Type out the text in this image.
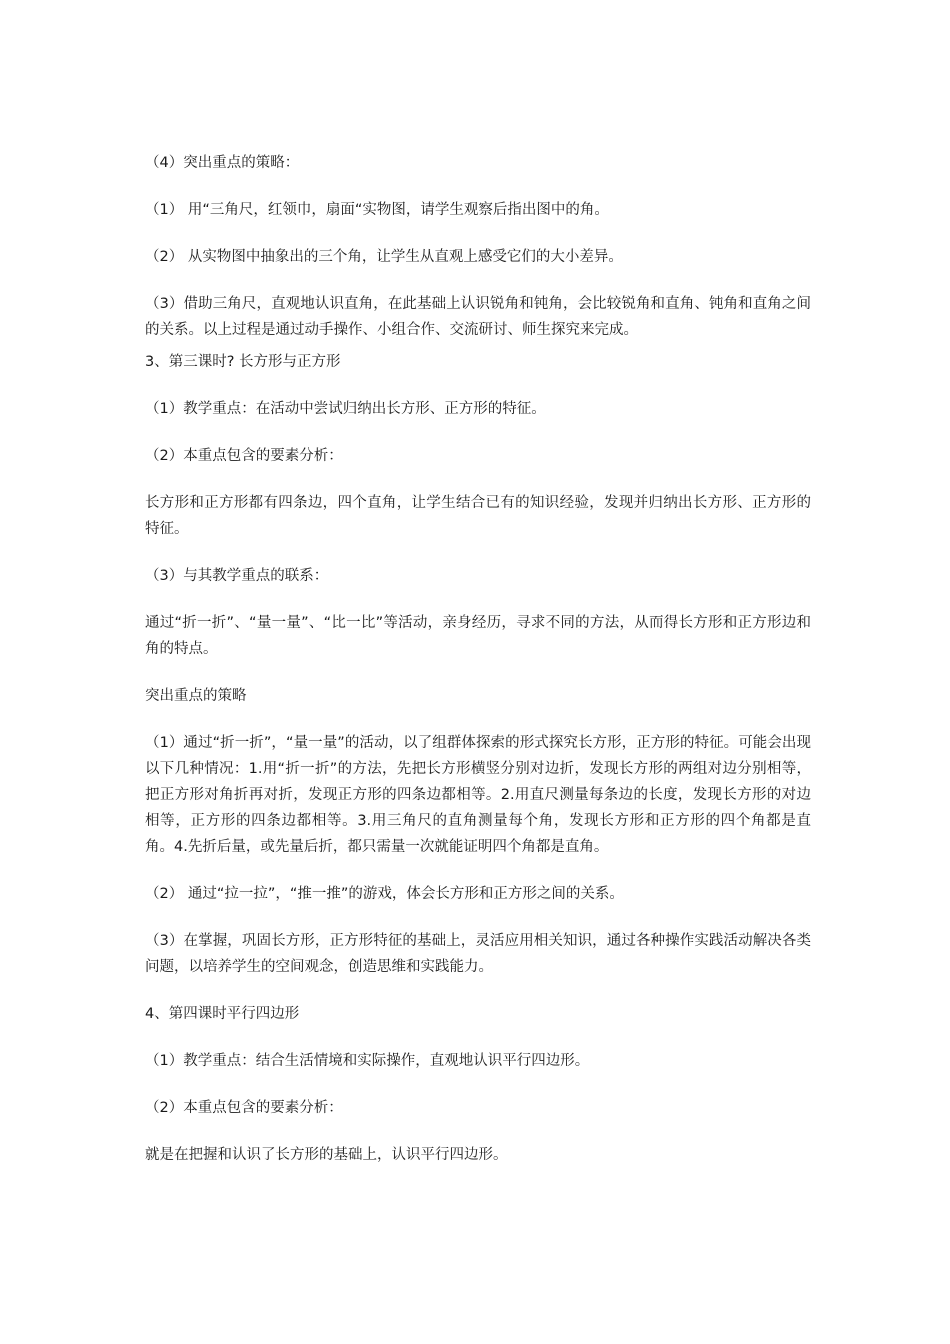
（4）突出重点的策略：

（1） 用“三角尺，红领巾，扇面“实物图，请学生观察后指出图中的角。

（2） 从实物图中抽象出的三个角，让学生从直观上感受它们的大小差异。

（3）借助三角尺，直观地认识直角，在此基础上认识锐角和钝角，会比较锐角和直角、钝角和直角之间的关系。以上过程是通过动手操作、小组合作、交流研讨、师生探究来完成。

3、第三课时? 长方形与正方形

（1）教学重点：在活动中尝试归纳出长方形、正方形的特征。

（2）本重点包含的要素分析：

长方形和正方形都有四条边，四个直角，让学生结合已有的知识经验，发现并归纳出长方形、正方形的特征。

（3）与其教学重点的联系：

通过“折一折”、“量一量”、“比一比”等活动，亲身经历，寻求不同的方法，从而得长方形和正方形边和角的特点。

突出重点的策略

（1）通过“折一折”，“量一量”的活动，以了组群体探索的形式探究长方形，正方形的特征。可能会出现以下几种情况：1.用“折一折”的方法，先把长方形横竖分别对边折，发现长方形的两组对边分别相等，把正方形对角折再对折，发现正方形的四条边都相等。2.用直尺测量每条边的长度，发现长方形的对边相等，正方形的四条边都相等。3.用三角尺的直角测量每个角，发现长方形和正方形的四个角都是直角。4.先折后量，或先量后折，都只需量一次就能证明四个角都是直角。

（2） 通过“拉一拉”，“推一推”的游戏，体会长方形和正方形之间的关系。

（3）在掌握，巩固长方形，正方形特征的基础上，灵活应用相关知识，通过各种操作实践活动解决各类问题，以培养学生的空间观念，创造思维和实践能力。

4、第四课时平行四边形

（1）教学重点：结合生活情境和实际操作，直观地认识平行四边形。

（2）本重点包含的要素分析：

就是在把握和认识了长方形的基础上，认识平行四边形。
